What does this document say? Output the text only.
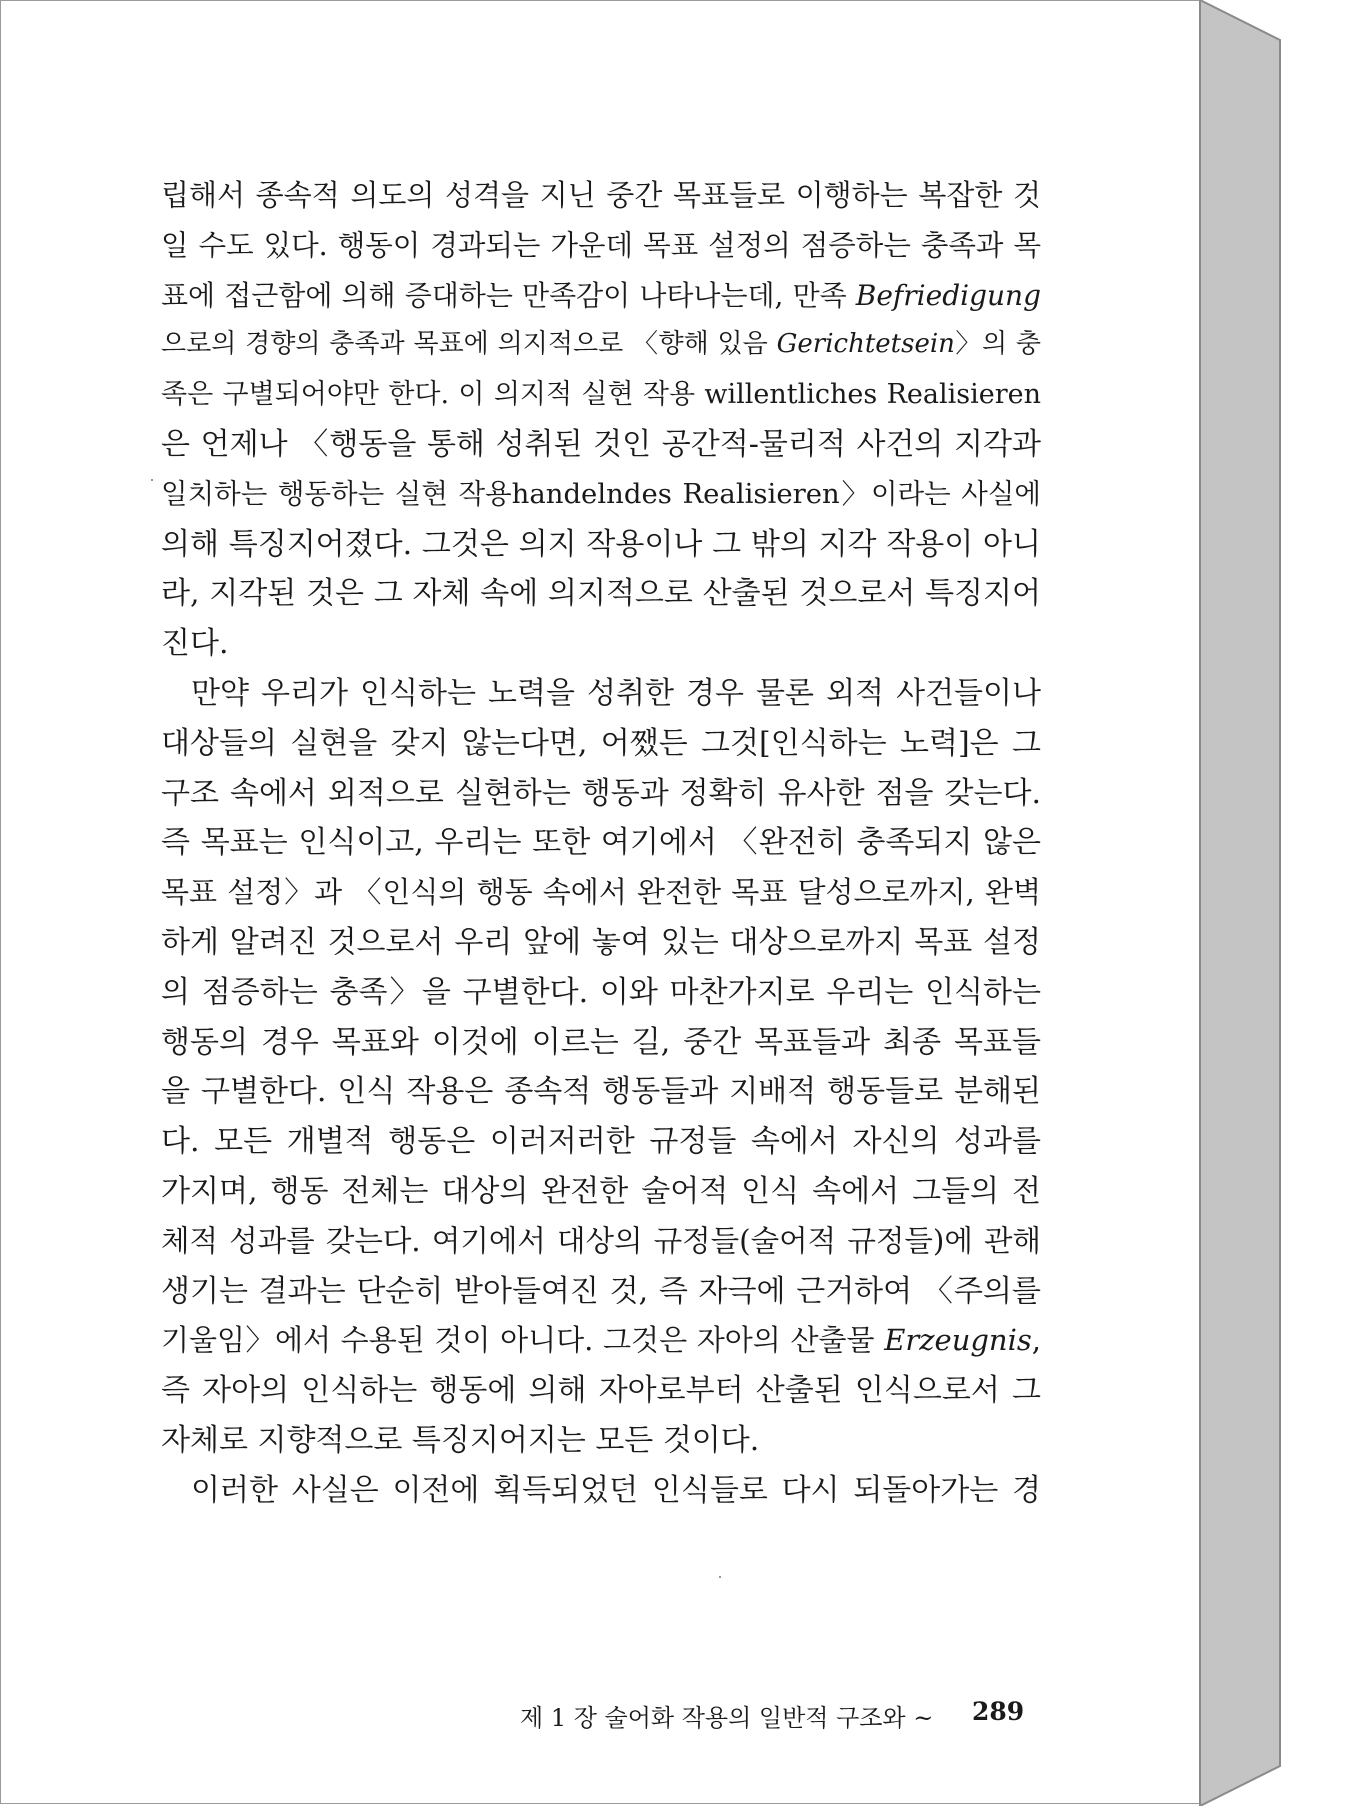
립해서 종속적 의도의 성격을 지닌 중간 목표들로 이행하는 복잡한 것
일 수도 있다. 행동이 경과되는 가운데 목표 설정의 점증하는 충족과 목
표에 접근함에 의해 증대하는 만족감이 나타나는데, 만족 Befriedigung
으로의 경향의 충족과 목표에 의지적으로 〈향해 있음 Gerichtetsein〉의 충
족은 구별되어야만 한다. 이 의지적 실현 작용 willentliches Realisieren
은 언제나 〈행동을 통해 성취된 것인 공간적-물리적 사건의 지각과
일치하는 행동하는 실현 작용handelndes Realisieren〉이라는 사실에
의해 특징지어졌다. 그것은 의지 작용이나 그 밖의 지각 작용이 아니
라, 지각된 것은 그 자체 속에 의지적으로 산출된 것으로서 특징지어
진다.
만약 우리가 인식하는 노력을 성취한 경우 물론 외적 사건들이나
대상들의 실현을 갖지 않는다면, 어쨌든 그것[인식하는 노력]은 그
구조 속에서 외적으로 실현하는 행동과 정확히 유사한 점을 갖는다.
즉 목표는 인식이고, 우리는 또한 여기에서 〈완전히 충족되지 않은
목표 설정〉과 〈인식의 행동 속에서 완전한 목표 달성으로까지, 완벽
하게 알려진 것으로서 우리 앞에 놓여 있는 대상으로까지 목표 설정
의 점증하는 충족〉을 구별한다. 이와 마찬가지로 우리는 인식하는
행동의 경우 목표와 이것에 이르는 길, 중간 목표들과 최종 목표들
을 구별한다. 인식 작용은 종속적 행동들과 지배적 행동들로 분해된
다. 모든 개별적 행동은 이러저러한 규정들 속에서 자신의 성과를
가지며, 행동 전체는 대상의 완전한 술어적 인식 속에서 그들의 전
체적 성과를 갖는다. 여기에서 대상의 규정들(술어적 규정들)에 관해
생기는 결과는 단순히 받아들여진 것, 즉 자극에 근거하여 〈주의를
기울임〉에서 수용된 것이 아니다. 그것은 자아의 산출물 Erzeugnis,
즉 자아의 인식하는 행동에 의해 자아로부터 산출된 인식으로서 그
자체로 지향적으로 특징지어지는 모든 것이다.
이러한 사실은 이전에 획득되었던 인식들로 다시 되돌아가는 경
제 1 장 술어화 작용의 일반적 구조와 ~ 289
